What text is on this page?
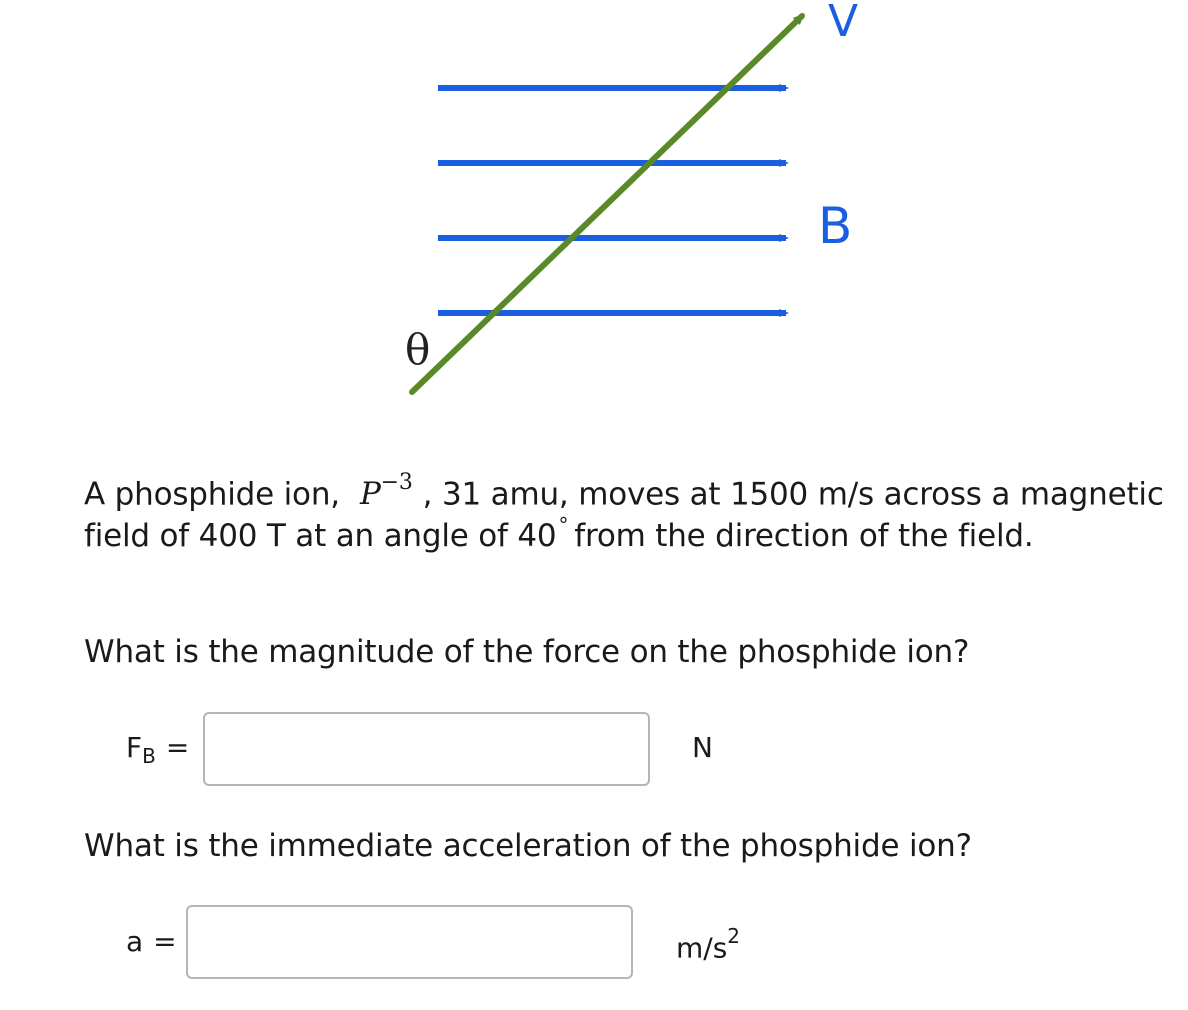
V
B
θ
A phosphide ion, $P^{-3}$ , 31 amu, moves at 1500 m/s across a magnetic field of 400 T at an angle of 40 ° from the direction of the field.
What is the magnitude of the force on the phosphide ion?
$F_B$ =	N
What is the immediate acceleration of the phosphide ion?
a =	$m/s^2$
